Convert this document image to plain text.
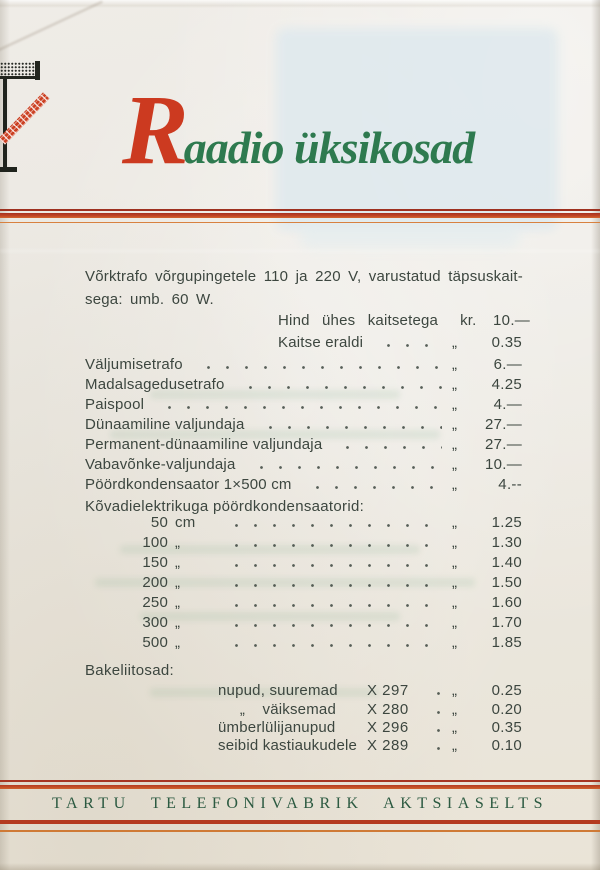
R
aadio üksikosad
Võrktrafo võrgupingetele 110 ja 220 V, varustatud täpsuskait-
sega: umb. 60 W.
Hind ühes kaitsetega kr.	10.—
Kaitse eraldi	„	0.35
Väljumisetrafo	„	6.—
Madalsagedusetrafo	„	4.25
Paispool	„	4.—
Dünaamiline valjundaja	„	27.—
Permanent-dünaamiline valjundaja	„	27.—
Vabavõnke-valjundaja	„	10.—
Pöördkondensaator 1×500 cm	„	4.--
Kõvadielektrikuga pöördkondensaatorid:
50 cm	„	1.25
100 „	„	1.30
150 „	„	1.40
200 „	„	1.50
250 „	„	1.60
300 „	„	1.70
500 „	„	1.85
Bakeliitosad:
nupud, suuremad	X 297	„	0.25
„    väiksemad	X 280	„	0.20
ümberlülijanupud	X 296	„	0.35
seibid kastiaukudele X 289	„	0.10
TARTU TELEFONIVABRIK AKTSIASELTS
